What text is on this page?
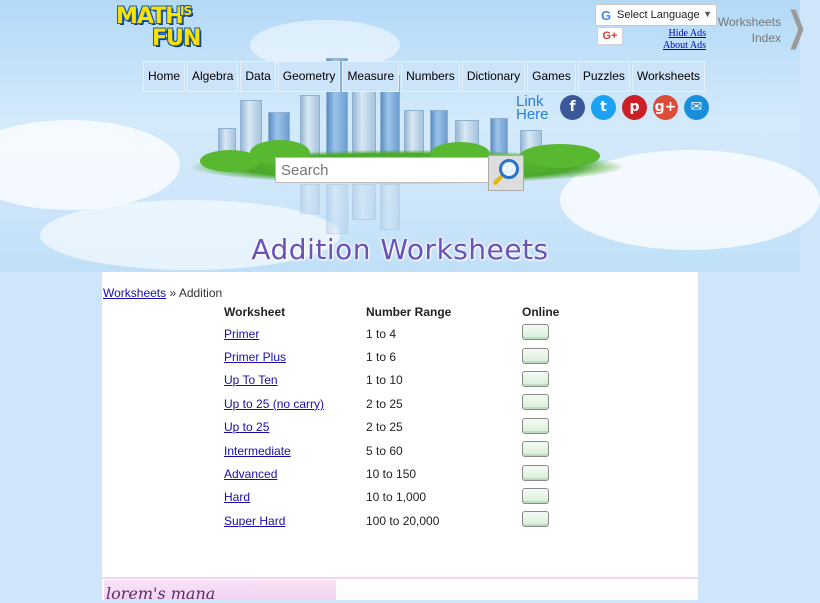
MATH
IS
FUN
G Select Language ▼
G+	Hide Ads
About Ads
Worksheets
Index ❯
Home	Algebra	Data	Geometry	Measure	Numbers	Dictionary	Games	Puzzles	Worksheets
Link
Here	f	t	p	g+	✉
Search
Addition Worksheets
Worksheets » Addition
Worksheet	Number Range	Online
Primer	1 to 4	
Primer Plus	1 to 6	
Up To Ten	1 to 10	
Up to 25 (no carry)	2 to 25	
Up to 25	2 to 25	
Intermediate	5 to 60	
Advanced	10 to 150	
Hard	10 to 1,000	
Super Hard	100 to 20,000	
lorem's mana
